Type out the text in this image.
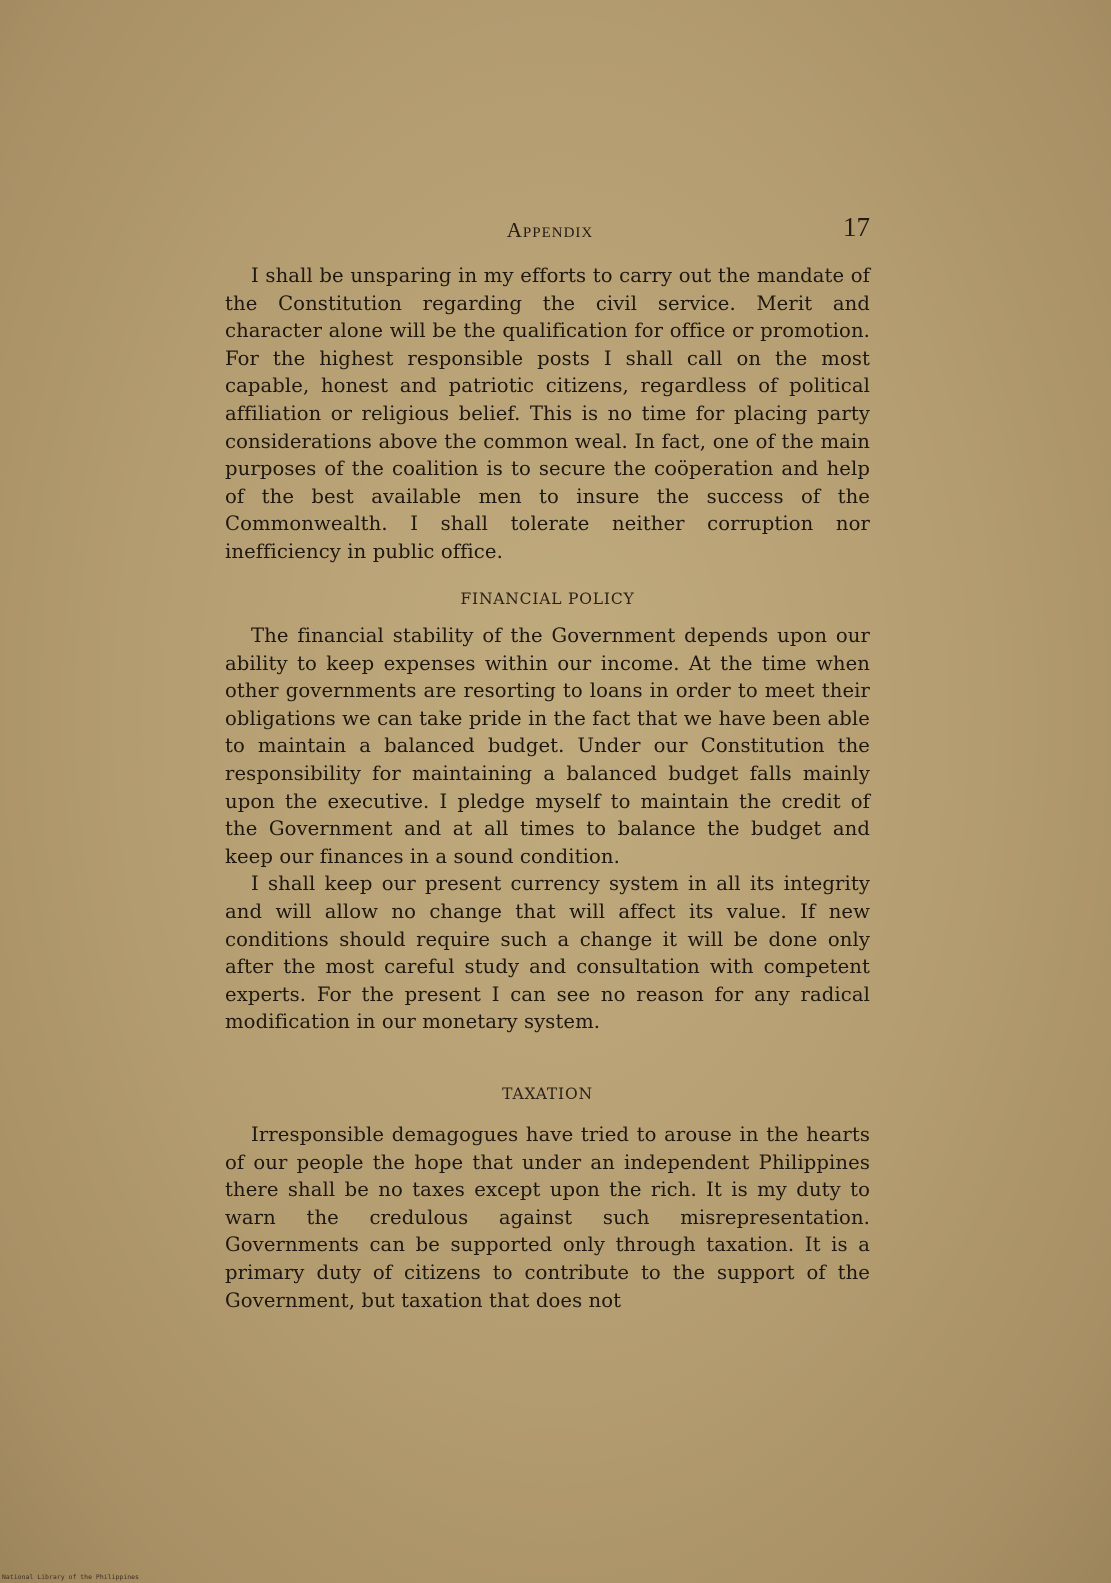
Appendix	17

I shall be unsparing in my efforts to carry out the mandate of the Constitution regarding the civil service. Merit and character alone will be the qualification for office or promotion. For the highest responsible posts I shall call on the most capable, honest and patriotic citizens, regardless of political affiliation or religious belief. This is no time for placing party considerations above the common weal. In fact, one of the main purposes of the coalition is to secure the coöperation and help of the best available men to insure the success of the Commonwealth. I shall tolerate neither corruption nor inefficiency in public office.

FINANCIAL POLICY

The financial stability of the Government depends upon our ability to keep expenses within our income. At the time when other governments are resorting to loans in order to meet their obligations we can take pride in the fact that we have been able to maintain a balanced budget. Under our Constitution the responsibility for maintaining a balanced budget falls mainly upon the executive. I pledge myself to maintain the credit of the Government and at all times to balance the budget and keep our finances in a sound condition.

I shall keep our present currency system in all its integrity and will allow no change that will affect its value. If new conditions should require such a change it will be done only after the most careful study and consultation with competent experts. For the present I can see no reason for any radical modification in our monetary system.

TAXATION

Irresponsible demagogues have tried to arouse in the hearts of our people the hope that under an independent Philippines there shall be no taxes except upon the rich. It is my duty to warn the credulous against such misrepresentation. Governments can be supported only through taxation. It is a primary duty of citizens to contribute to the support of the Government, but taxation that does not

National Library of the Philippines
